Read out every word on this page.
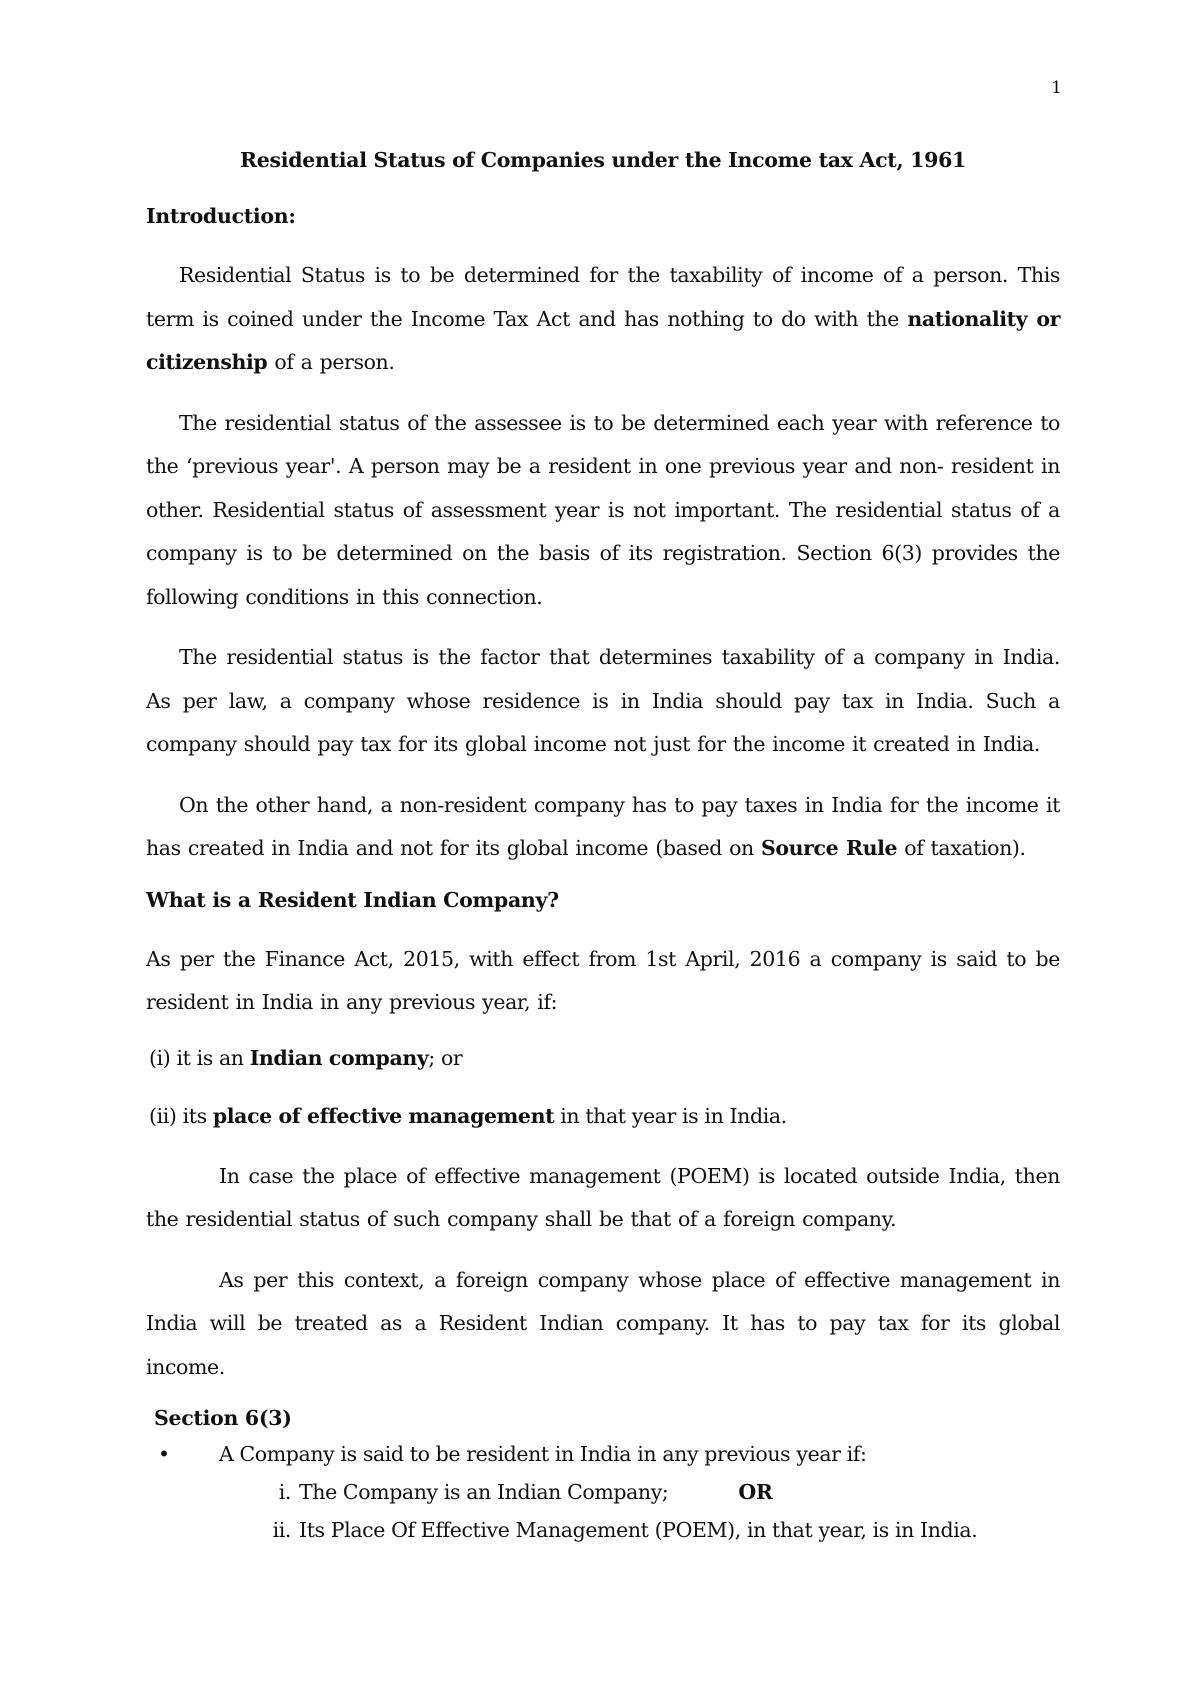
1
Residential Status of Companies under the Income tax Act, 1961
Introduction:

Residential Status is to be determined for the taxability of income of a person. This term is coined under the Income Tax Act and has nothing to do with the nationality or citizenship of a person.

The residential status of the assessee is to be determined each year with reference to the ‘previous year'. A person may be a resident in one previous year and non- resident in other. Residential status of assessment year is not important. The residential status of a company is to be determined on the basis of its registration. Section 6(3) provides the following conditions in this connection.

The residential status is the factor that determines taxability of a company in India. As per law, a company whose residence is in India should pay tax in India. Such a company should pay tax for its global income not just for the income it created in India.

On the other hand, a non-resident company has to pay taxes in India for the income it has created in India and not for its global income (based on Source Rule of taxation).

What is a Resident Indian Company?

As per the Finance Act, 2015, with effect from 1st April, 2016 a company is said to be resident in India in any previous year, if:

(i) it is an Indian company; or
(ii) its place of effective management in that year is in India.

In case the place of effective management (POEM) is located outside India, then the residential status of such company shall be that of a foreign company.

As per this context, a foreign company whose place of effective management in India will be treated as a Resident Indian company. It has to pay tax for its global income.

Section 6(3)
•	A Company is said to be resident in India in any previous year if:
i. The Company is an Indian Company;	OR
ii. Its Place Of Effective Management (POEM), in that year, is in India.
